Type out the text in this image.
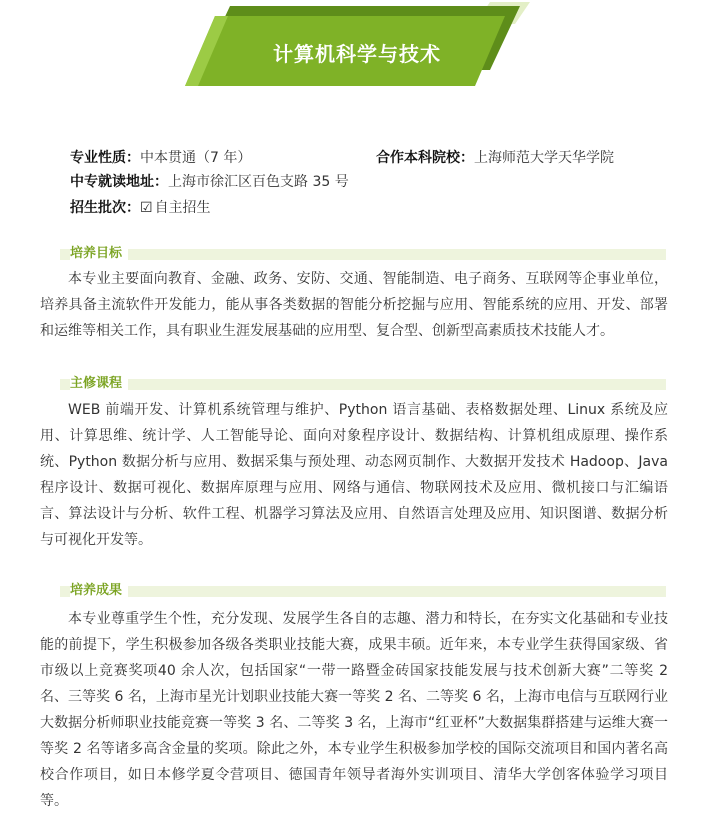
计算机科学与技术
专业性质：中本贯通（7 年）	合作本科院校：上海师范大学天华学院
中专就读地址：上海市徐汇区百色支路 35 号
招生批次：☑ 自主招生
培养目标
本专业主要面向教育、金融、政务、安防、交通、智能制造、电子商务、互联网等企事业单位，培养具备主流软件开发能力，能从事各类数据的智能分析挖掘与应用、智能系统的应用、开发、部署和运维等相关工作，具有职业生涯发展基础的应用型、复合型、创新型高素质技术技能人才。
主修课程
WEB 前端开发、计算机系统管理与维护、Python 语言基础、表格数据处理、Linux 系统及应用、计算思维、统计学、人工智能导论、面向对象程序设计、数据结构、计算机组成原理、操作系统、Python 数据分析与应用、数据采集与预处理、动态网页制作、大数据开发技术 Hadoop、Java 程序设计、数据可视化、数据库原理与应用、网络与通信、物联网技术及应用、微机接口与汇编语言、算法设计与分析、软件工程、机器学习算法及应用、自然语言处理及应用、知识图谱、数据分析与可视化开发等。
培养成果
本专业尊重学生个性，充分发现、发展学生各自的志趣、潜力和特长，在夯实文化基础和专业技能的前提下，学生积极参加各级各类职业技能大赛，成果丰硕。近年来，本专业学生获得国家级、省市级以上竞赛奖项40 余人次，包括国家“一带一路暨金砖国家技能发展与技术创新大赛”二等奖 2 名、三等奖 6 名，上海市星光计划职业技能大赛一等奖 2 名、二等奖 6 名，上海市电信与互联网行业大数据分析师职业技能竞赛一等奖 3 名、二等奖 3 名，上海市“红亚杯”大数据集群搭建与运维大赛一等奖 2 名等诸多高含金量的奖项。除此之外，本专业学生积极参加学校的国际交流项目和国内著名高校合作项目，如日本修学夏令营项目、德国青年领导者海外实训项目、清华大学创客体验学习项目等。
